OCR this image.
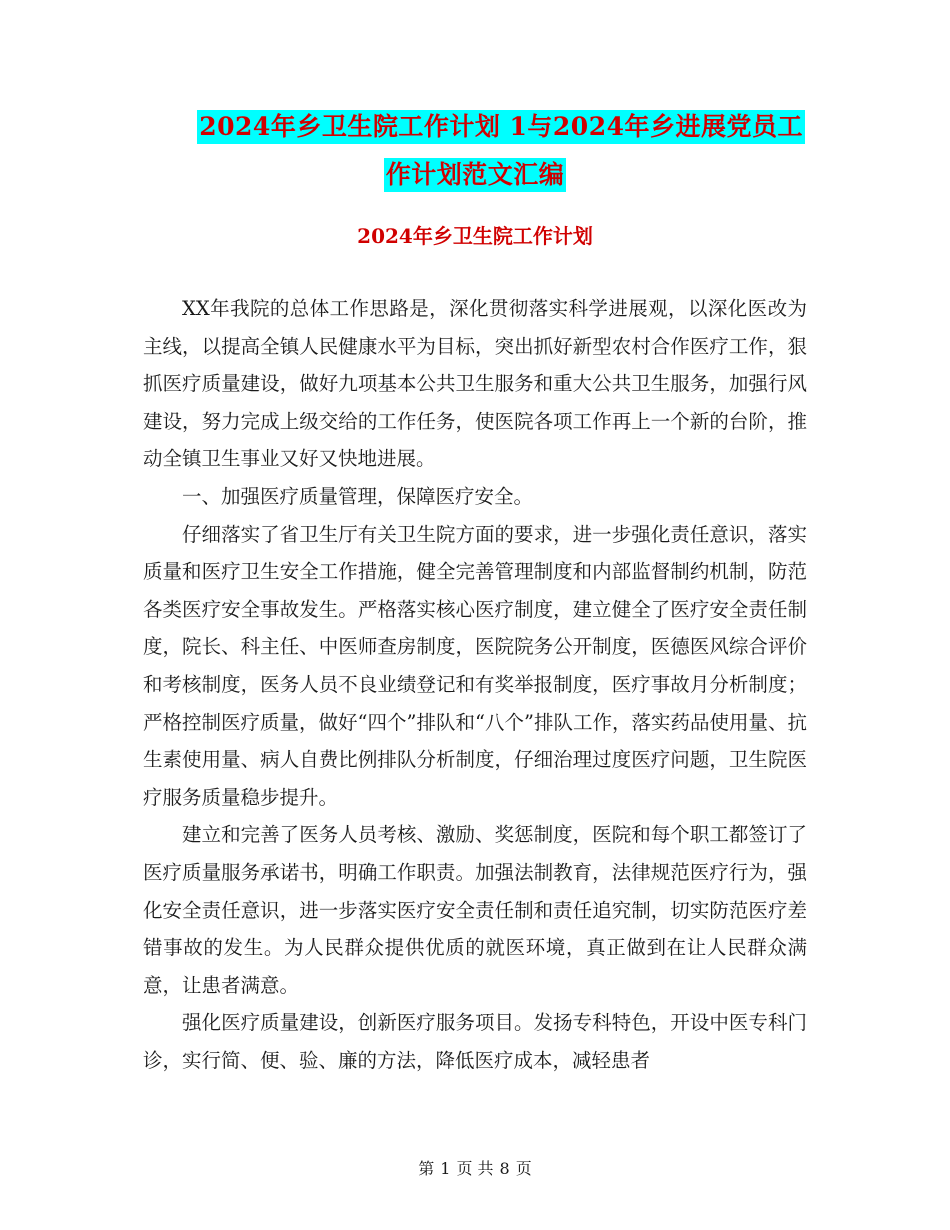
2024年乡卫生院工作计划 1与2024年乡进展党员工
作计划范文汇编
2024年乡卫生院工作计划

XX年我院的总体工作思路是，深化贯彻落实科学进展观，以深化医改为主线，以提高全镇人民健康水平为目标，突出抓好新型农村合作医疗工作，狠抓医疗质量建设，做好九项基本公共卫生服务和重大公共卫生服务，加强行风建设，努力完成上级交给的工作任务，使医院各项工作再上一个新的台阶，推动全镇卫生事业又好又快地进展。

一、加强医疗质量管理，保障医疗安全。

仔细落实了省卫生厅有关卫生院方面的要求，进一步强化责任意识，落实质量和医疗卫生安全工作措施，健全完善管理制度和内部监督制约机制，防范各类医疗安全事故发生。严格落实核心医疗制度，建立健全了医疗安全责任制度，院长、科主任、中医师查房制度，医院院务公开制度，医德医风综合评价和考核制度，医务人员不良业绩登记和有奖举报制度，医疗事故月分析制度；严格控制医疗质量，做好“四个”排队和“八个”排队工作，落实药品使用量、抗生素使用量、病人自费比例排队分析制度，仔细治理过度医疗问题，卫生院医疗服务质量稳步提升。

建立和完善了医务人员考核、激励、奖惩制度，医院和每个职工都签订了医疗质量服务承诺书，明确工作职责。加强法制教育，法律规范医疗行为，强化安全责任意识，进一步落实医疗安全责任制和责任追究制，切实防范医疗差错事故的发生。为人民群众提供优质的就医环境，真正做到在让人民群众满意，让患者满意。

强化医疗质量建设，创新医疗服务项目。发扬专科特色，开设中医专科门诊，实行简、便、验、廉的方法，降低医疗成本，减轻患者

第 1 页 共 8 页
